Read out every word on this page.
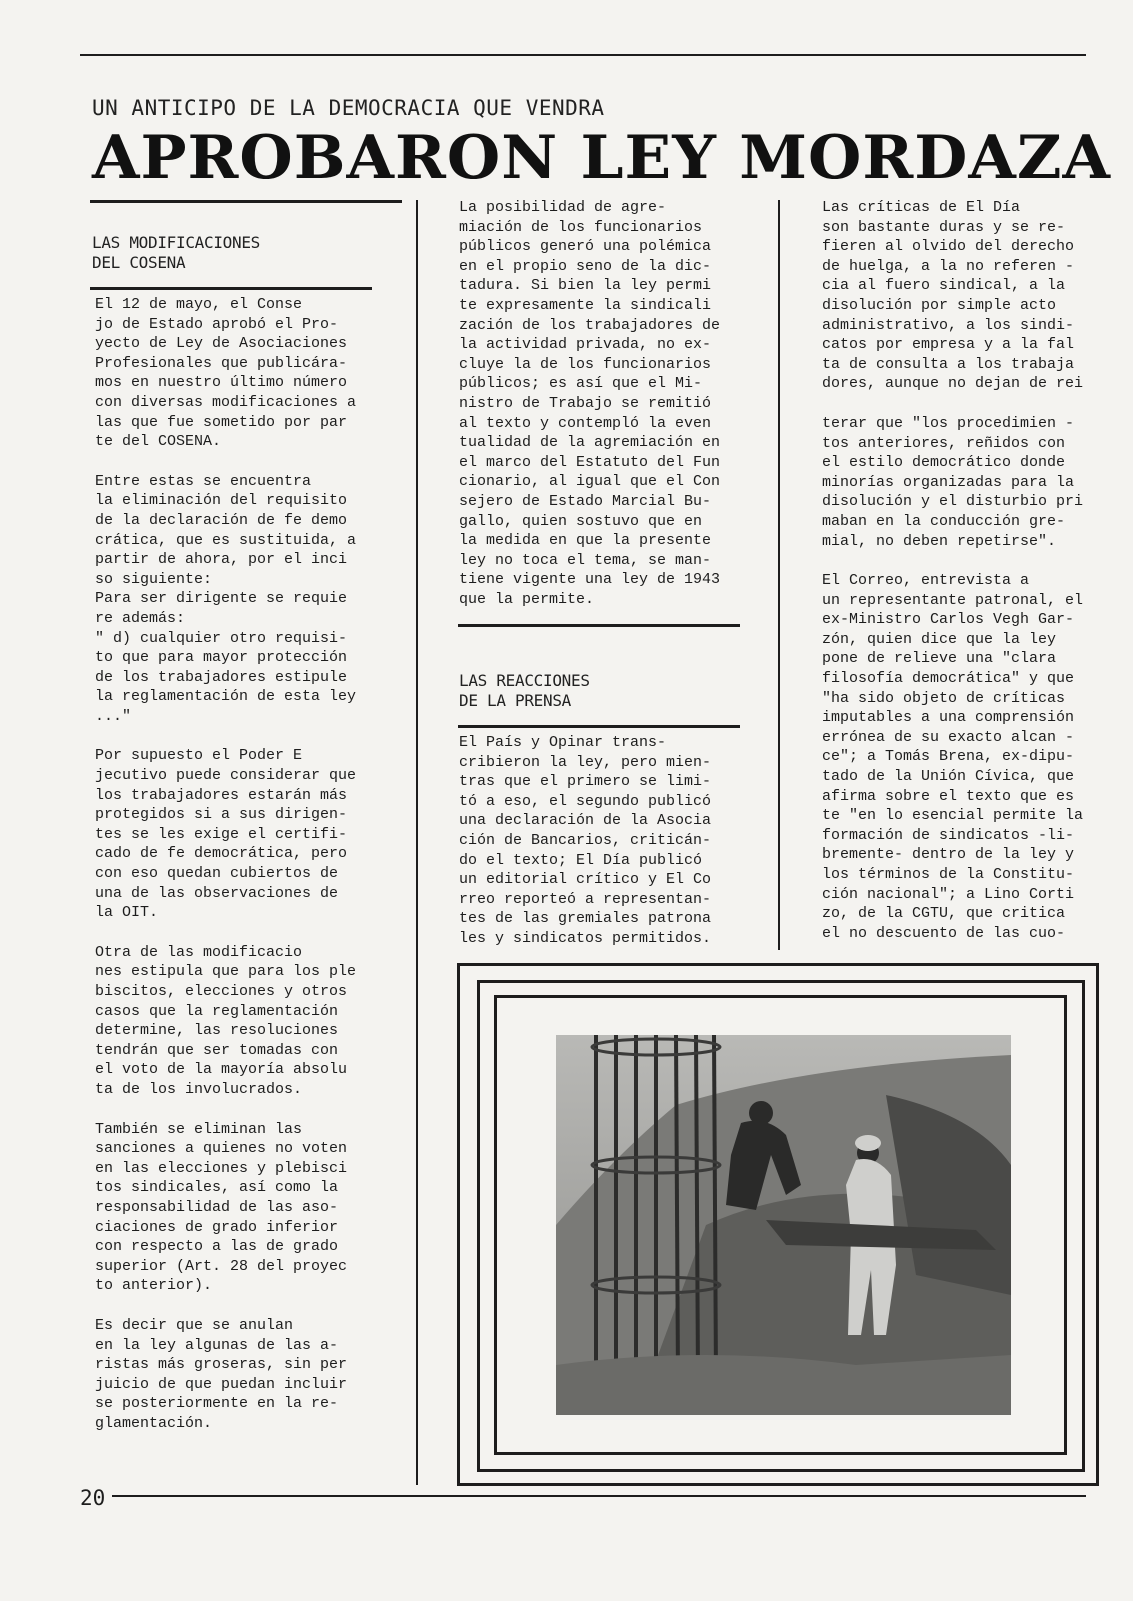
UN ANTICIPO DE LA DEMOCRACIA QUE VENDRA
APROBARON LEY MORDAZA
LAS MODIFICACIONES
DEL COSENA

El 12 de mayo, el Conse
jo de Estado aprobó el Pro-
yecto de Ley de Asociaciones
Profesionales que publicára-
mos en nuestro último número
con diversas modificaciones a
las que fue sometido por par
te del COSENA.

Entre estas se encuentra
la eliminación del requisito
de la declaración de fe demo
crática, que es sustituida, a
partir de ahora, por el inci
so siguiente:
Para ser dirigente se requie
re además:
" d) cualquier otro requisi-
to que para mayor protección
de los trabajadores estipule
la reglamentación de esta ley
..."

Por supuesto el Poder E
jecutivo puede considerar que
los trabajadores estarán más
protegidos si a sus dirigen-
tes se les exige el certifi-
cado de fe democrática, pero
con eso quedan cubiertos de
una de las observaciones de
la OIT.

Otra de las modificacio
nes estipula que para los ple
biscitos, elecciones y otros
casos que la reglamentación
determine, las resoluciones
tendrán que ser tomadas con
el voto de la mayoría absolu
ta de los involucrados.

También se eliminan las
sanciones a quienes no voten
en las elecciones y plebisci
tos sindicales, así como la
responsabilidad de las aso-
ciaciones de grado inferior
con respecto a las de grado
superior (Art. 28 del proyec
to anterior).

Es decir que se anulan
en la ley algunas de las a-
ristas más groseras, sin per
juicio de que puedan incluir
se posteriormente en la re-
glamentación.

La posibilidad de agre-
miación de los funcionarios
públicos generó una polémica
en el propio seno de la dic-
tadura. Si bien la ley permi
te expresamente la sindicali
zación de los trabajadores de
la actividad privada, no ex-
cluye la de los funcionarios
públicos; es así que el Mi-
nistro de Trabajo se remitió
al texto y contempló la even
tualidad de la agremiación en
el marco del Estatuto del Fun
cionario, al igual que el Con
sejero de Estado Marcial Bu-
gallo, quien sostuvo que en
la medida en que la presente
ley no toca el tema, se man-
tiene vigente una ley de 1943
que la permite.

LAS REACCIONES
DE LA PRENSA

El País y Opinar trans-
cribieron la ley, pero mien-
tras que el primero se limi-
tó a eso, el segundo publicó
una declaración de la Asocia
ción de Bancarios, criticán-
do el texto; El Día publicó
un editorial crítico y El Co
rreo reporteó a representan-
tes de las gremiales patrona
les y sindicatos permitidos.

Las críticas de El Día
son bastante duras y se re-
fieren al olvido del derecho
de huelga, a la no referen -
cia al fuero sindical, a la
disolución por simple acto
administrativo, a los sindi-
catos por empresa y a la fal
ta de consulta a los trabaja
dores, aunque no dejan de rei

terar que "los procedimien -
tos anteriores, reñidos con
el estilo democrático donde
minorías organizadas para la
disolución y el disturbio pri
maban en la conducción gre-
mial, no deben repetirse".

El Correo, entrevista a
un representante patronal, el
ex-Ministro Carlos Vegh Gar-
zón, quien dice que la ley
pone de relieve una "clara
filosofía democrática" y que
"ha sido objeto de críticas
imputables a una comprensión
errónea de su exacto alcan -
ce"; a Tomás Brena, ex-dipu-
tado de la Unión Cívica, que
afirma sobre el texto que es
te "en lo esencial permite la
formación de sindicatos -li-
bremente- dentro de la ley y
los términos de la Constitu-
ción nacional"; a Lino Corti
zo, de la CGTU, que critica
el no descuento de las cuo-

20
